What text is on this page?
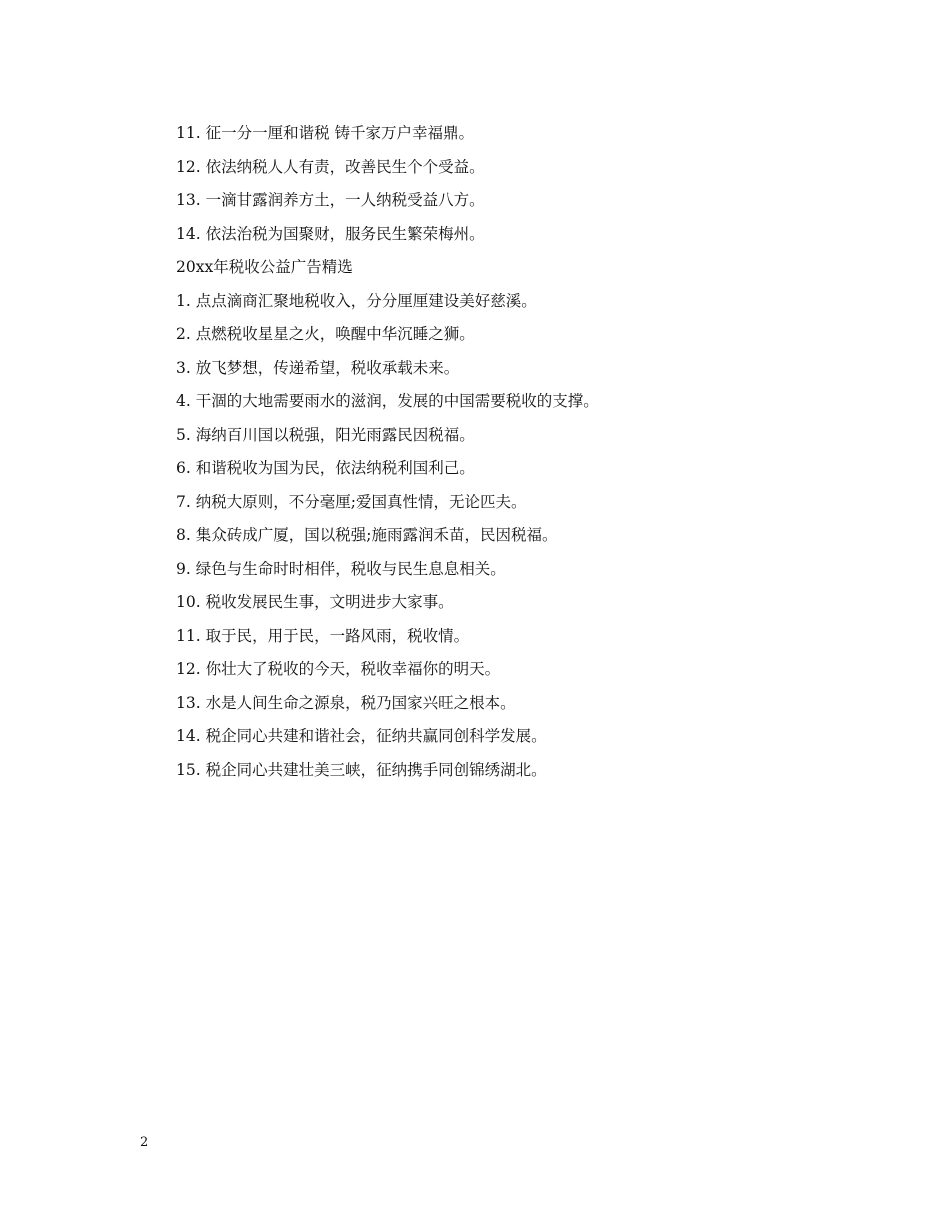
11. 征一分一厘和谐税 铸千家万户幸福鼎。
12. 依法纳税人人有责，改善民生个个受益。
13. 一滴甘露润养方土，一人纳税受益八方。
14. 依法治税为国聚财，服务民生繁荣梅州。
20xx年税收公益广告精选
1. 点点滴商汇聚地税收入，分分厘厘建设美好慈溪。
2. 点燃税收星星之火，唤醒中华沉睡之狮。
3. 放飞梦想，传递希望，税收承载未来。
4. 干涸的大地需要雨水的滋润，发展的中国需要税收的支撑。
5. 海纳百川国以税强，阳光雨露民因税福。
6. 和谐税收为国为民，依法纳税利国利己。
7. 纳税大原则，不分毫厘;爱国真性情，无论匹夫。
8. 集众砖成广厦，国以税强;施雨露润禾苗，民因税福。
9. 绿色与生命时时相伴，税收与民生息息相关。
10. 税收发展民生事，文明进步大家事。
11. 取于民，用于民，一路风雨，税收情。
12. 你壮大了税收的今天，税收幸福你的明天。
13. 水是人间生命之源泉，税乃国家兴旺之根本。
14. 税企同心共建和谐社会，征纳共赢同创科学发展。
15. 税企同心共建壮美三峡，征纳携手同创锦绣湖北。
2
